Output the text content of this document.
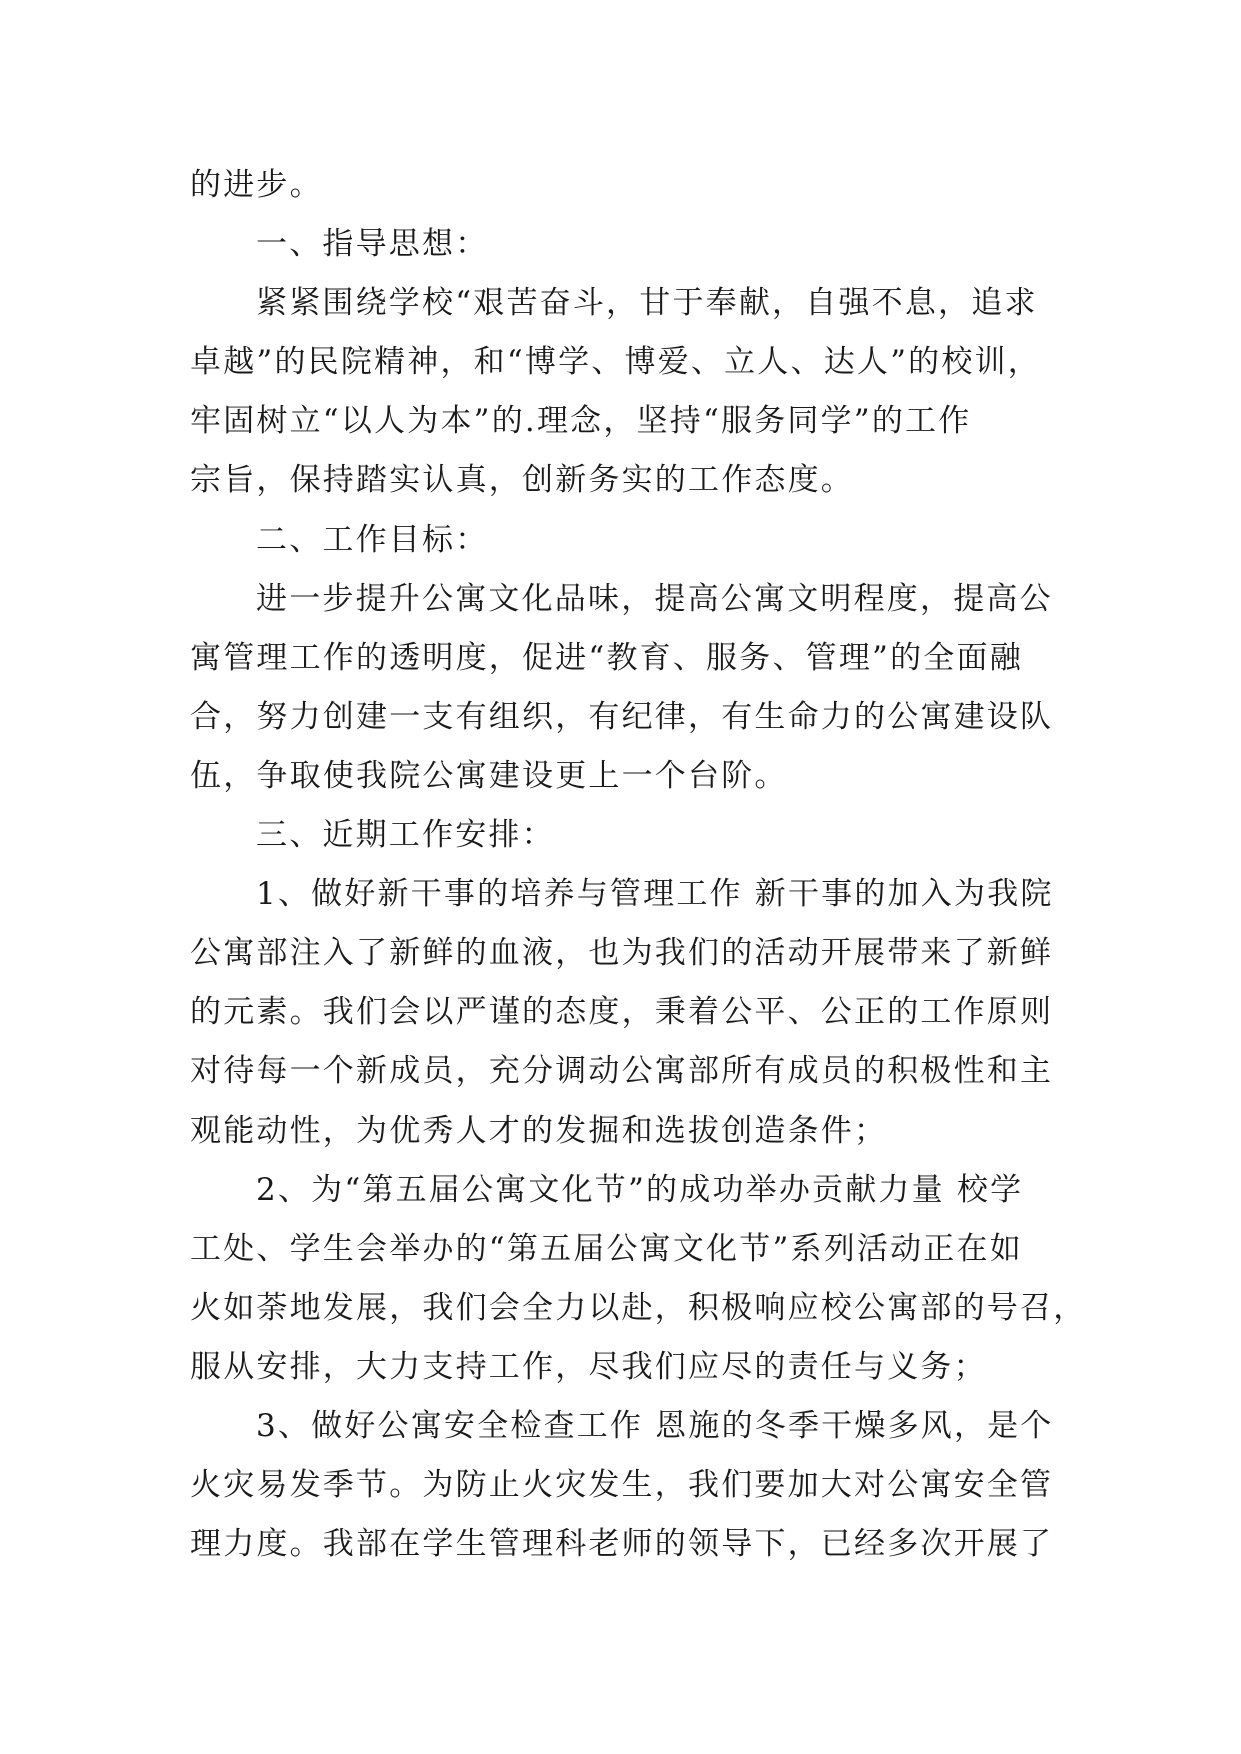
的进步。
一、指导思想：
紧紧围绕学校“艰苦奋斗，甘于奉献，自强不息，追求
卓越”的民院精神，和“博学、博爱、立人、达人”的校训，
牢固树立“以人为本”的.理念，坚持“服务同学”的工作
宗旨，保持踏实认真，创新务实的工作态度。
二、工作目标：
进一步提升公寓文化品味，提高公寓文明程度，提高公
寓管理工作的透明度，促进“教育、服务、管理”的全面融
合，努力创建一支有组织，有纪律，有生命力的公寓建设队
伍，争取使我院公寓建设更上一个台阶。
三、近期工作安排：
1、做好新干事的培养与管理工作 新干事的加入为我院
公寓部注入了新鲜的血液，也为我们的活动开展带来了新鲜
的元素。我们会以严谨的态度，秉着公平、公正的工作原则
对待每一个新成员，充分调动公寓部所有成员的积极性和主
观能动性，为优秀人才的发掘和选拔创造条件；
2、为“第五届公寓文化节”的成功举办贡献力量 校学
工处、学生会举办的“第五届公寓文化节”系列活动正在如
火如荼地发展，我们会全力以赴，积极响应校公寓部的号召，
服从安排，大力支持工作，尽我们应尽的责任与义务；
3、做好公寓安全检查工作 恩施的冬季干燥多风，是个
火灾易发季节。为防止火灾发生，我们要加大对公寓安全管
理力度。我部在学生管理科老师的领导下，已经多次开展了
